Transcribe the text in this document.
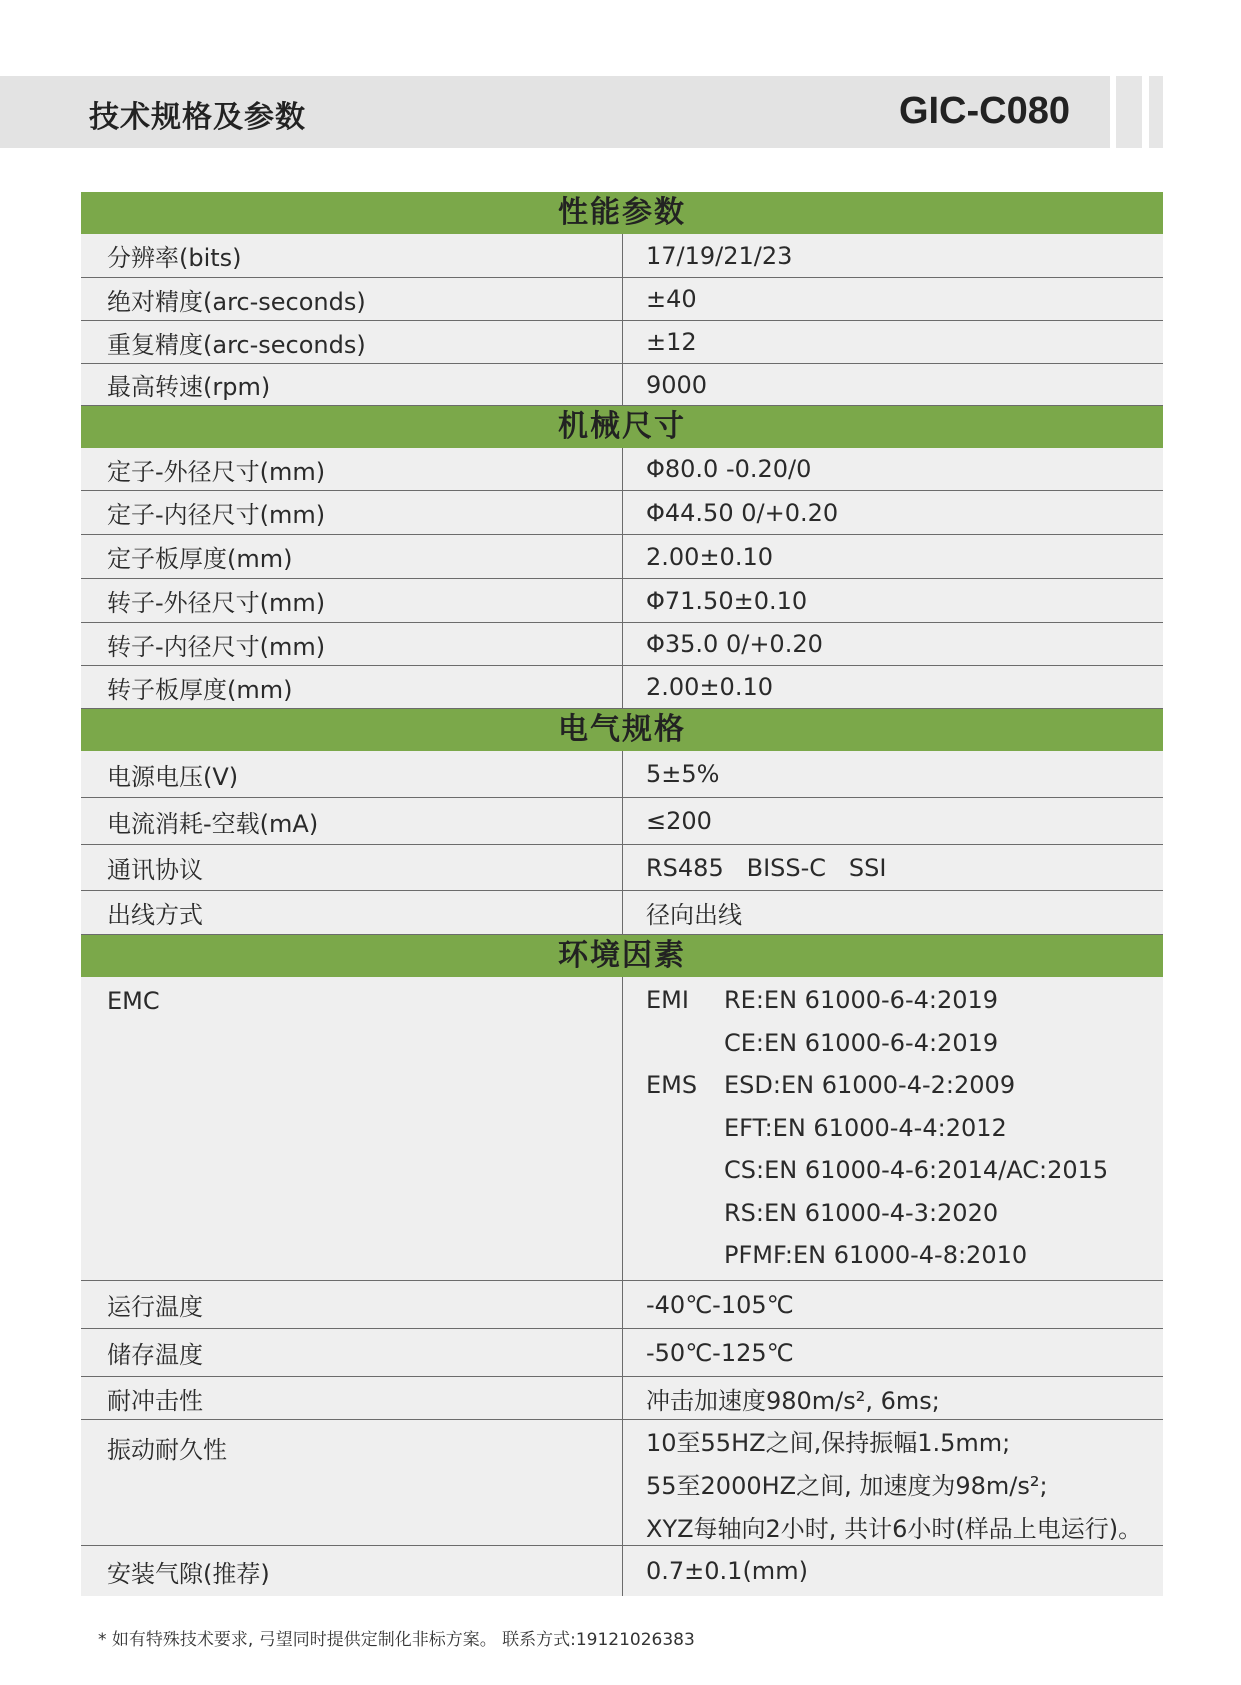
技术规格及参数	GIC-C080
性能参数
分辨率(bits)	17/19/21/23
绝对精度(arc-seconds)	±40
重复精度(arc-seconds)	±12
最高转速(rpm)	9000
机械尺寸
定子-外径尺寸(mm)	Φ80.0 -0.20/0
定子-内径尺寸(mm)	Φ44.50 0/+0.20
定子板厚度(mm)	2.00±0.10
转子-外径尺寸(mm)	Φ71.50±0.10
转子-内径尺寸(mm)	Φ35.0 0/+0.20
转子板厚度(mm)	2.00±0.10
电气规格
电源电压(V)	5±5%
电流消耗-空载(mA)	≤200
通讯协议	RS485   BISS-C   SSI
出线方式	径向出线
环境因素
EMC	EMI	RE:EN 61000-6-4:2019
CE:EN 61000-6-4:2019
EMS	ESD:EN 61000-4-2:2009
EFT:EN 61000-4-4:2012
CS:EN 61000-4-6:2014/AC:2015
RS:EN 61000-4-3:2020
PFMF:EN 61000-4-8:2010
运行温度	-40℃-105℃
储存温度	-50℃-125℃
耐冲击性	冲击加速度980m/s², 6ms;
振动耐久性	10至55HZ之间,保持振幅1.5mm;
55至2000HZ之间, 加速度为98m/s²;
XYZ每轴向2小时, 共计6小时(样品上电运行)。
安装气隙(推荐)	0.7±0.1(mm)
* 如有特殊技术要求, 弓望同时提供定制化非标方案。 联系方式:19121026383
